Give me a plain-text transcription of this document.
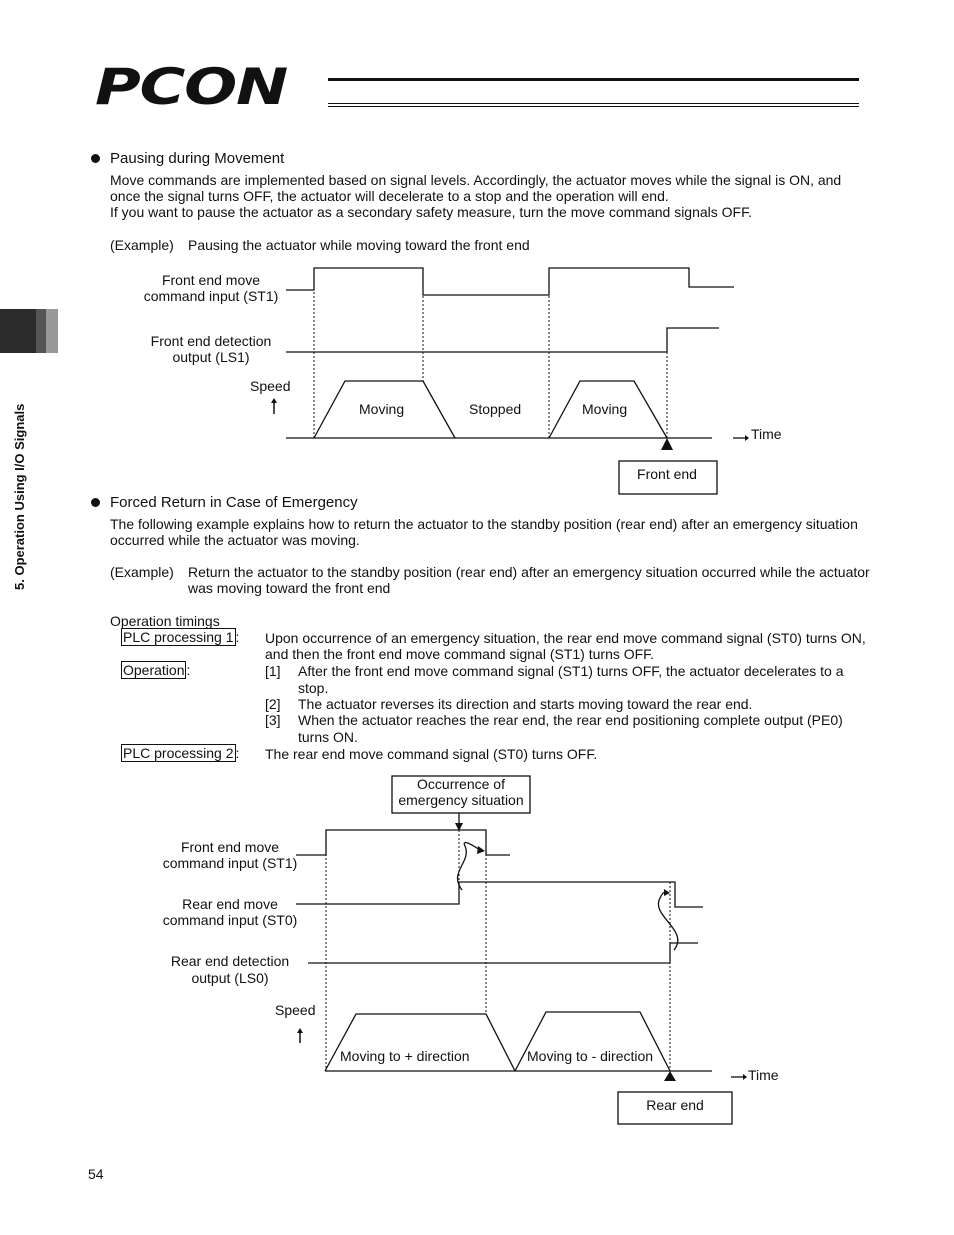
PCON
5. Operation Using I/O Signals
Pausing during Movement
Move commands are implemented based on signal levels. Accordingly, the actuator moves while the signal is ON, and
once the signal turns OFF, the actuator will decelerate to a stop and the operation will end.
If you want to pause the actuator as a secondary safety measure, turn the move command signals OFF.
(Example) Pausing the actuator while moving toward the front end
Front end move
command input (ST1)
Front end detection
output (LS1)
Speed
Moving	Stopped	Moving
Time
Front end
Forced Return in Case of Emergency
The following example explains how to return the actuator to the standby position (rear end) after an emergency situation
occurred while the actuator was moving.
(Example) Return the actuator to the standby position (rear end) after an emergency situation occurred while the actuator
was moving toward the front end
Operation timings
PLC processing 1 : Upon occurrence of an emergency situation, the rear end move command signal (ST0) turns ON,
and then the front end move command signal (ST1) turns OFF.
Operation :	[1] After the front end move command signal (ST1) turns OFF, the actuator decelerates to a
stop.
[2] The actuator reverses its direction and starts moving toward the rear end.
[3] When the actuator reaches the rear end, the rear end positioning complete output (PE0)
turns ON.
PLC processing 2 : The rear end move command signal (ST0) turns OFF.
Occurrence of
emergency situation
Front end move
command input (ST1)
Rear end move
command input (ST0)
Rear end detection
output (LS0)
Speed
Moving to + direction	Moving to - direction
Time
Rear end
54
